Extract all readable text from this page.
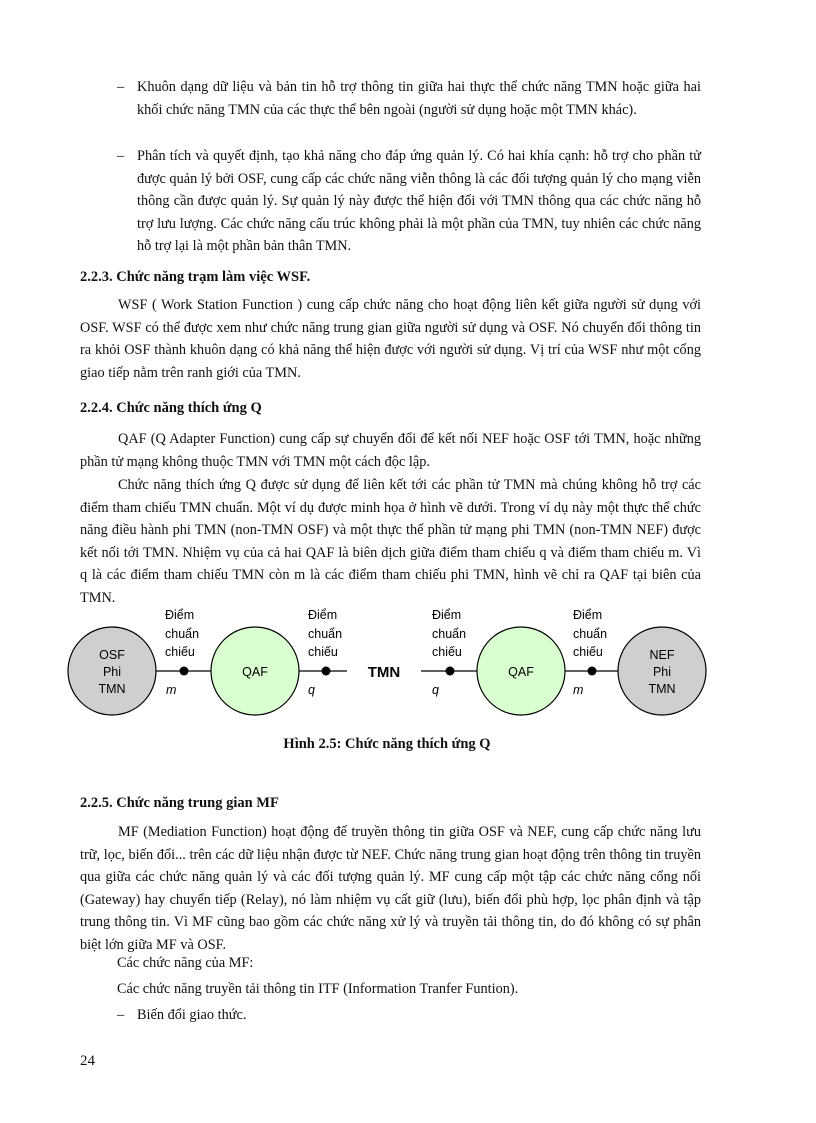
– Khuôn dạng dữ liệu và bản tin hỗ trợ thông tin giữa hai thực thể chức năng TMN hoặc giữa hai khối chức năng TMN của các thực thể bên ngoài (người sử dụng hoặc một TMN khác).
– Phân tích và quyết định, tạo khả năng cho đáp ứng quản lý. Có hai khía cạnh: hỗ trợ cho phần tử được quản lý bởi OSF, cung cấp các chức năng viễn thông là các đối tượng quản lý cho mạng viễn thông cần được quản lý. Sự quản lý này được thể hiện đối với TMN thông qua các chức năng hỗ trợ lưu lượng. Các chức năng cấu trúc không phải là một phần của TMN, tuy nhiên các chức năng hỗ trợ lại là một phần bản thân TMN.
2.2.3. Chức năng trạm làm việc WSF.
WSF ( Work Station Function ) cung cấp chức năng cho hoạt động liên kết giữa người sử dụng với OSF. WSF có thể được xem như chức năng trung gian giữa người sử dụng và OSF. Nó chuyển đổi thông tin ra khỏi OSF thành khuôn dạng có khả năng thể hiện được với người sử dụng. Vị trí của WSF như một cổng giao tiếp nằm trên ranh giới của TMN.
2.2.4. Chức năng thích ứng Q
QAF (Q Adapter Function) cung cấp sự chuyển đổi để kết nối NEF hoặc OSF tới TMN, hoặc những phần tử mạng không thuộc TMN với TMN một cách độc lập.
Chức năng thích ứng Q được sử dụng để liên kết tới các phần tử TMN mà chúng không hỗ trợ các điểm tham chiếu TMN chuẩn. Một ví dụ được minh họa ở hình vẽ dưới. Trong ví dụ này một thực thể chức năng điều hành phi TMN (non-TMN OSF) và một thực thể phần tử mạng phi TMN (non-TMN NEF) được kết nối tới TMN. Nhiệm vụ của cả hai QAF là biên dịch giữa điểm tham chiếu q và điểm tham chiếu m. Vì q là các điểm tham chiếu TMN còn m là các điểm tham chiếu phi TMN, hình vẽ chỉ ra QAF tại biên của TMN.
OSF
Phi
TMN
QAF	QAF
NEF
Phi
TMN
TMN
Điểm
chuẩn
chiếu
Điểm
chuẩn
chiếu
Điểm
chuẩn
chiếu
Điểm
chuẩn
chiếu
m	q	q	m
Hình 2.5: Chức năng thích ứng Q
2.2.5. Chức năng trung gian MF
MF (Mediation Function) hoạt động để truyền thông tin giữa OSF và NEF, cung cấp chức năng lưu trữ, lọc, biến đổi... trên các dữ liệu nhận được từ NEF. Chức năng trung gian hoạt động trên thông tin truyền qua giữa các chức năng quản lý và các đối tượng quản lý. MF cung cấp một tập các chức năng cổng nối (Gateway) hay chuyển tiếp (Relay), nó làm nhiệm vụ cất giữ (lưu), biến đổi phù hợp, lọc phân định và tập trung thông tin. Vì MF cũng bao gồm các chức năng xử lý và truyền tải thông tin, do đó không có sự phân biệt lớn giữa MF và OSF.
Các chức năng của MF:
Các chức năng truyền tải thông tin ITF (Information Tranfer Funtion).
– Biến đổi giao thức.
24
